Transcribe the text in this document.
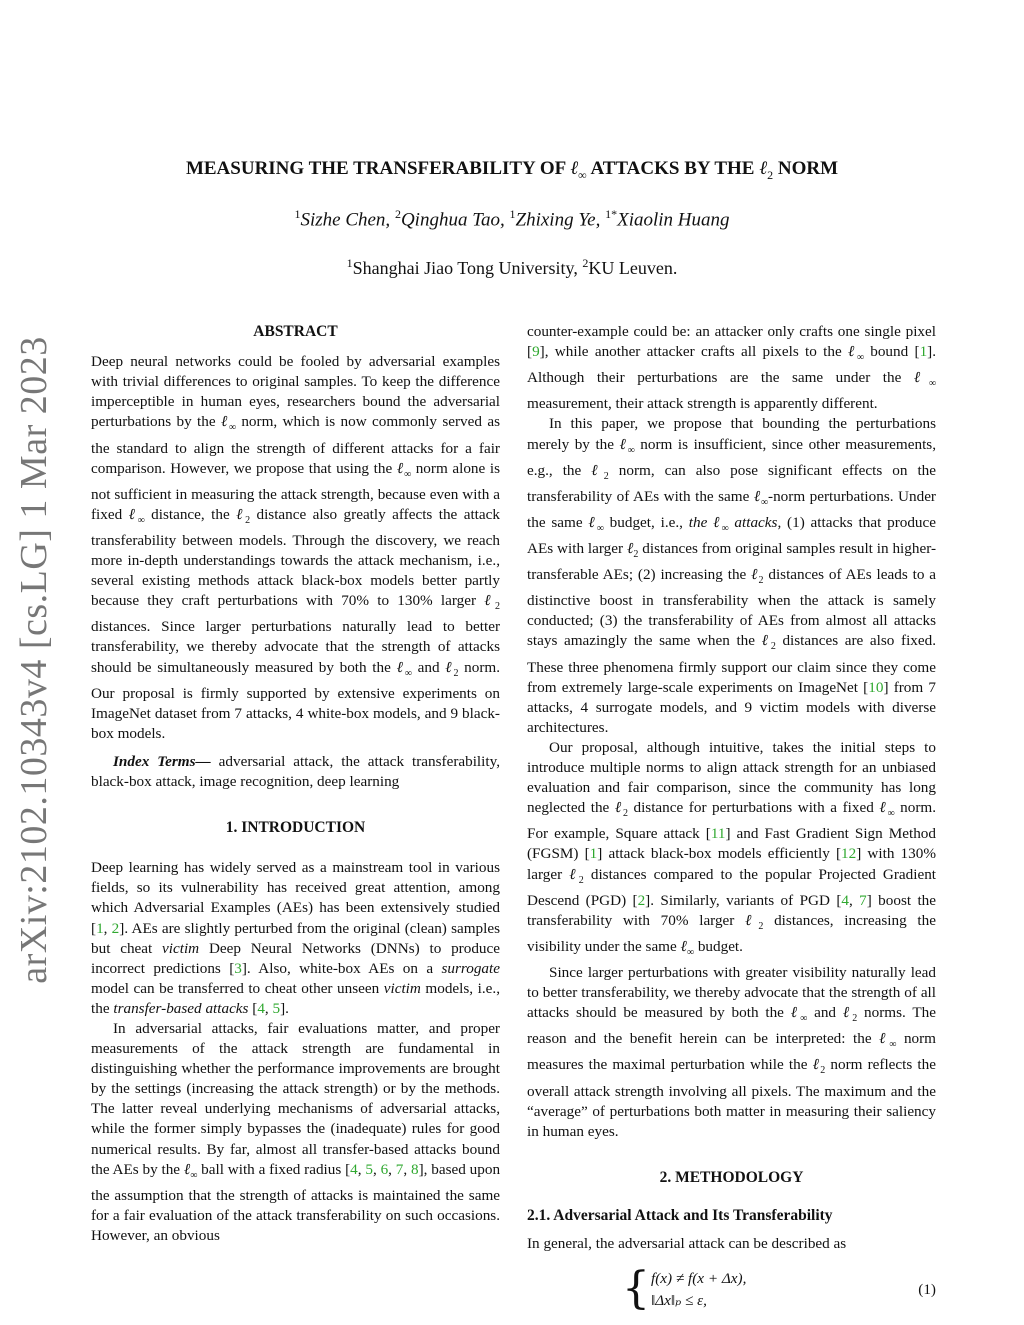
arXiv:2102.10343v4 [cs.LG] 1 Mar 2023
MEASURING THE TRANSFERABILITY OF ℓ$_\infty$ ATTACKS BY THE ℓ$_2$ NORM
$^1$Sizhe Chen, $^2$Qinghua Tao, $^1$Zhixing Ye, $^{1*}$Xiaolin Huang
$^1$Shanghai Jiao Tong University, $^2$KU Leuven.

ABSTRACT

Deep neural networks could be fooled by adversarial examples with trivial differences to original samples. To keep the difference imperceptible in human eyes, researchers bound the adversarial perturbations by the ℓ$_\infty$ norm, which is now commonly served as the standard to align the strength of different attacks for a fair comparison. However, we propose that using the ℓ$_\infty$ norm alone is not sufficient in measuring the attack strength, because even with a fixed ℓ$_\infty$ distance, the ℓ$_2$ distance also greatly affects the attack transferability between models. Through the discovery, we reach more in-depth understandings towards the attack mechanism, i.e., several existing methods attack black-box models better partly because they craft perturbations with 70% to 130% larger ℓ$_2$ distances. Since larger perturbations naturally lead to better transferability, we thereby advocate that the strength of attacks should be simultaneously measured by both the ℓ$_\infty$ and ℓ$_2$ norm. Our proposal is firmly supported by extensive experiments on ImageNet dataset from 7 attacks, 4 white-box models, and 9 black-box models.

Index Terms— adversarial attack, the attack transferability, black-box attack, image recognition, deep learning

1. INTRODUCTION

Deep learning has widely served as a mainstream tool in various fields, so its vulnerability has received great attention, among which Adversarial Examples (AEs) has been extensively studied [1, 2]. AEs are slightly perturbed from the original (clean) samples but cheat victim Deep Neural Networks (DNNs) to produce incorrect predictions [3]. Also, white-box AEs on a surrogate model can be transferred to cheat other unseen victim models, i.e., the transfer-based attacks [4, 5].

In adversarial attacks, fair evaluations matter, and proper measurements of the attack strength are fundamental in distinguishing whether the performance improvements are brought by the settings (increasing the attack strength) or by the methods. The latter reveal underlying mechanisms of adversarial attacks, while the former simply bypasses the (inadequate) rules for good numerical results. By far, almost all transfer-based attacks bound the AEs by the ℓ$_\infty$ ball with a fixed radius [4, 5, 6, 7, 8], based upon the assumption that the strength of attacks is maintained the same for a fair evaluation of the attack transferability on such occasions. However, an obvious

counter-example could be: an attacker only crafts one single pixel [9], while another attacker crafts all pixels to the ℓ$_\infty$ bound [1]. Although their perturbations are the same under the ℓ$_\infty$ measurement, their attack strength is apparently different.

In this paper, we propose that bounding the perturbations merely by the ℓ$_\infty$ norm is insufficient, since other measurements, e.g., the ℓ$_2$ norm, can also pose significant effects on the transferability of AEs with the same ℓ$_\infty$-norm perturbations. Under the same ℓ$_\infty$ budget, i.e., the ℓ$_\infty$ attacks, (1) attacks that produce AEs with larger ℓ$_2$ distances from original samples result in higher-transferable AEs; (2) increasing the ℓ$_2$ distances of AEs leads to a distinctive boost in transferability when the attack is samely conducted; (3) the transferability of AEs from almost all attacks stays amazingly the same when the ℓ$_2$ distances are also fixed. These three phenomena firmly support our claim since they come from extremely large-scale experiments on ImageNet [10] from 7 attacks, 4 surrogate models, and 9 victim models with diverse architectures.

Our proposal, although intuitive, takes the initial steps to introduce multiple norms to align attack strength for an unbiased evaluation and fair comparison, since the community has long neglected the ℓ$_2$ distance for perturbations with a fixed ℓ$_\infty$ norm. For example, Square attack [11] and Fast Gradient Sign Method (FGSM) [1] attack black-box models efficiently [12] with 130% larger ℓ$_2$ distances compared to the popular Projected Gradient Descend (PGD) [2]. Similarly, variants of PGD [4, 7] boost the transferability with 70% larger ℓ$_2$ distances, increasing the visibility under the same ℓ$_\infty$ budget.

Since larger perturbations with greater visibility naturally lead to better transferability, we thereby advocate that the strength of all attacks should be measured by both the ℓ$_\infty$ and ℓ$_2$ norms. The reason and the benefit herein can be interpreted: the ℓ$_\infty$ norm measures the maximal perturbation while the ℓ$_2$ norm reflects the overall attack strength involving all pixels. The maximum and the “average” of perturbations both matter in measuring their saliency in human eyes.

2. METHODOLOGY

2.1. Adversarial Attack and Its Transferability

In general, the adversarial attack can be described as

{ f(x) ≠ f(x + Δx),
‖Δx‖ₚ ≤ ε,
(1)
